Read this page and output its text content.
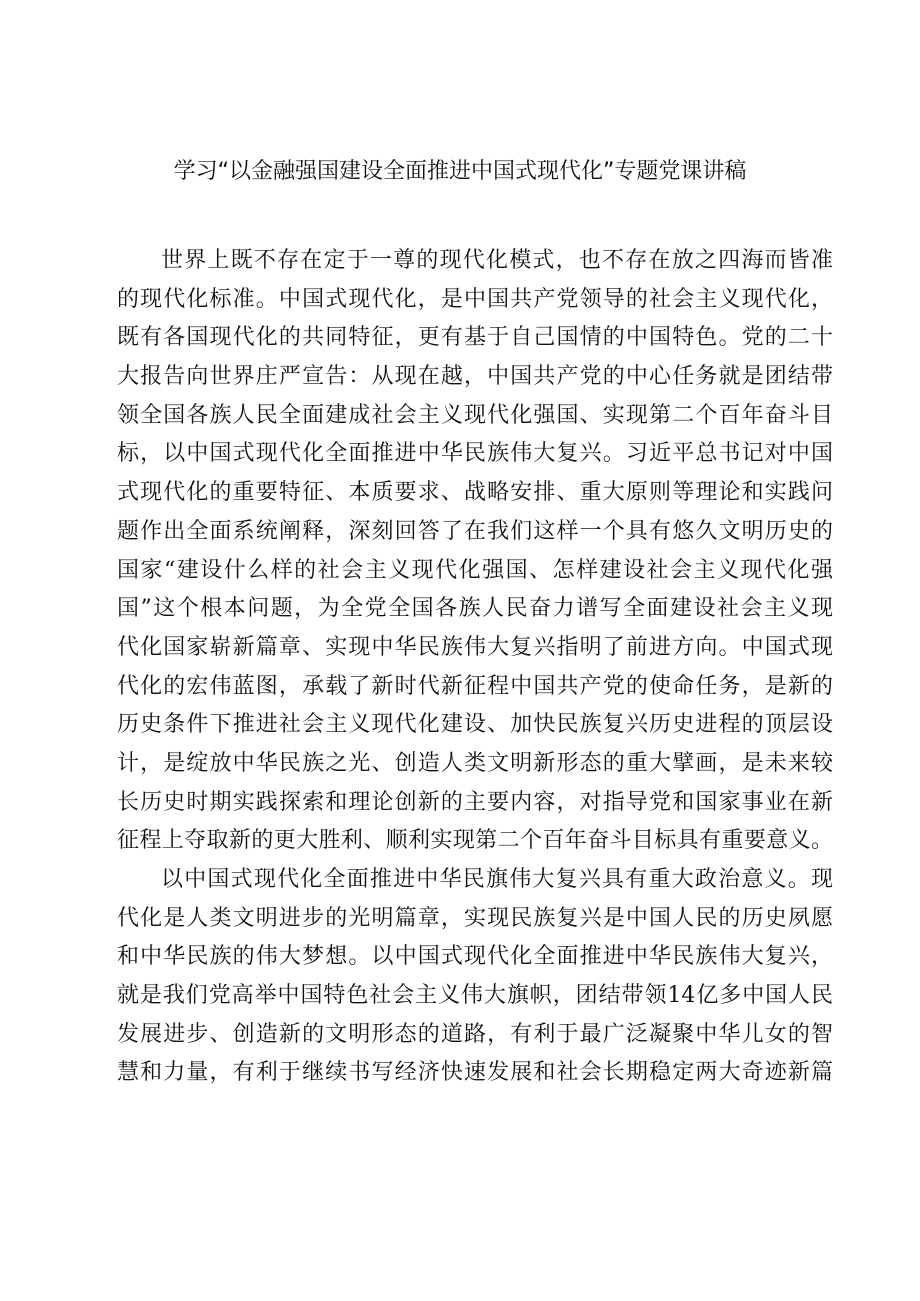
学习“以金融强国建设全面推进中国式现代化”专题党课讲稿
世界上既不存在定于一尊的现代化模式，也不存在放之四海而皆准
的现代化标准。中国式现代化，是中国共产党领导的社会主义现代化，
既有各国现代化的共同特征，更有基于自己国情的中国特色。党的二十
大报告向世界庄严宣告：从现在越，中国共产党的中心任务就是团结带
领全国各族人民全面建成社会主义现代化强国、实现第二个百年奋斗目
标，以中国式现代化全面推进中华民族伟大复兴。习近平总书记对中国
式现代化的重要特征、本质要求、战略安排、重大原则等理论和实践问
题作出全面系统阐释，深刻回答了在我们这样一个具有悠久文明历史的
国家“建设什么样的社会主义现代化强国、怎样建设社会主义现代化强
国”这个根本问题，为全党全国各族人民奋力谱写全面建设社会主义现
代化国家崭新篇章、实现中华民族伟大复兴指明了前进方向。中国式现
代化的宏伟蓝图，承载了新时代新征程中国共产党的使命任务，是新的
历史条件下推进社会主义现代化建设、加快民族复兴历史进程的顶层设
计，是绽放中华民族之光、创造人类文明新形态的重大擘画，是未来较
长历史时期实践探索和理论创新的主要内容，对指导党和国家事业在新
征程上夺取新的更大胜利、顺利实现第二个百年奋斗目标具有重要意义。
以中国式现代化全面推进中华民旗伟大复兴具有重大政治意义。现
代化是人类文明进步的光明篇章，实现民族复兴是中国人民的历史夙愿
和中华民族的伟大梦想。以中国式现代化全面推进中华民族伟大复兴，
就是我们党高举中国特色社会主义伟大旗帜，团结带领14亿多中国人民
发展进步、创造新的文明形态的道路，有利于最广泛凝聚中华儿女的智
慧和力量，有利于继续书写经济快速发展和社会长期稳定两大奇迹新篇
